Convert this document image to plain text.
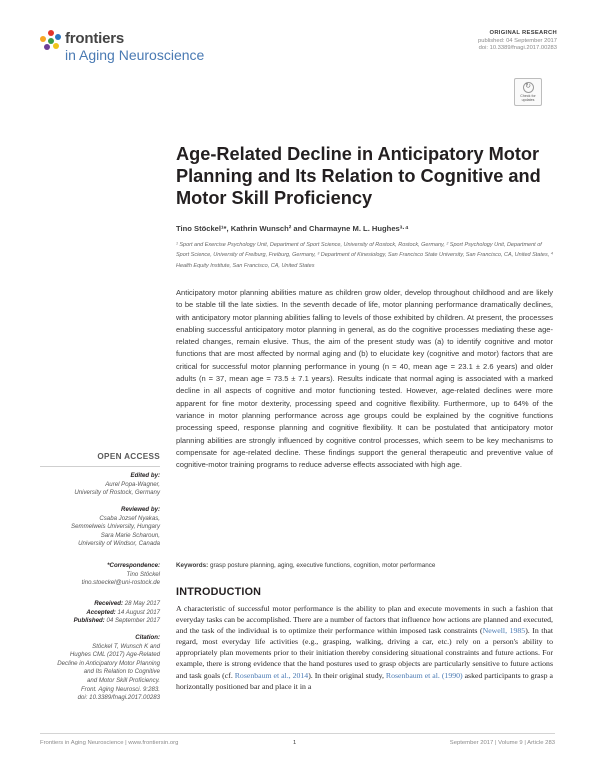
frontiers
in Aging Neuroscience
ORIGINAL RESEARCH
published: 04 September 2017
doi: 10.3389/fnagi.2017.00283
↻
Check for updates
Age-Related Decline in Anticipatory Motor Planning and Its Relation to Cognitive and Motor Skill Proficiency
Tino Stöckel¹*, Kathrin Wunsch² and Charmayne M. L. Hughes³·⁴
¹ Sport and Exercise Psychology Unit, Department of Sport Science, University of Rostock, Rostock, Germany, ² Sport Psychology Unit, Department of Sport Science, University of Freiburg, Freiburg, Germany, ³ Department of Kinesiology, San Francisco State University, San Francisco, CA, United States, ⁴ Health Equity Institute, San Francisco, CA, United States
Anticipatory motor planning abilities mature as children grow older, develop throughout childhood and are likely to be stable till the late sixties. In the seventh decade of life, motor planning performance dramatically declines, with anticipatory motor planning abilities falling to levels of those exhibited by children. At present, the processes enabling successful anticipatory motor planning in general, as do the cognitive processes mediating these age-related changes, remain elusive. Thus, the aim of the present study was (a) to identify cognitive and motor functions that are most affected by normal aging and (b) to elucidate key (cognitive and motor) factors that are critical for successful motor planning performance in young (n = 40, mean age = 23.1 ± 2.6 years) and older adults (n = 37, mean age = 73.5 ± 7.1 years). Results indicate that normal aging is associated with a marked decline in all aspects of cognitive and motor functioning tested. However, age-related declines were more apparent for fine motor dexterity, processing speed and cognitive flexibility. Furthermore, up to 64% of the variance in motor planning performance across age groups could be explained by the cognitive functions processing speed, response planning and cognitive flexibility. It can be postulated that anticipatory motor planning abilities are strongly influenced by cognitive control processes, which seem to be key mechanisms to compensate for age-related decline. These findings support the general therapeutic and preventive value of cognitive-motor training programs to reduce adverse effects associated with high age.
Keywords: grasp posture planning, aging, executive functions, cognition, motor performance
INTRODUCTION
A characteristic of successful motor performance is the ability to plan and execute movements in such a fashion that everyday tasks can be accomplished. There are a number of factors that influence how actions are planned and executed, and the task of the individual is to optimize their performance within imposed task constraints (Newell, 1985). In that regard, most everyday life activities (e.g., grasping, walking, driving a car, etc.) rely on a person's ability to appropriately plan movements prior to their initiation thereby considering situational constraints and future actions. For example, there is strong evidence that the hand postures used to grasp objects are particularly sensitive to future actions and task goals (cf. Rosenbaum et al., 2014). In their original study, Rosenbaum et al. (1990) asked participants to grasp a horizontally positioned bar and place it in a
OPEN ACCESS
Edited by:
Aurel Popa-Wagner,
University of Rostock, Germany
Reviewed by:
Csaba Jozsef Nyakas,
Semmelweis University, Hungary
Sara Marie Scharoun,
University of Windsor, Canada
*Correspondence:
Tino Stöckel
tino.stoeckel@uni-rostock.de
Received: 28 May 2017
Accepted: 14 August 2017
Published: 04 September 2017
Citation:
Stöckel T, Wunsch K and
Hughes CML (2017) Age-Related
Decline in Anticipatory Motor Planning
and Its Relation to Cognitive
and Motor Skill Proficiency.
Front. Aging Neurosci. 9:283.
doi: 10.3389/fnagi.2017.00283
Frontiers in Aging Neuroscience | www.frontiersin.org	1	September 2017 | Volume 9 | Article 283
